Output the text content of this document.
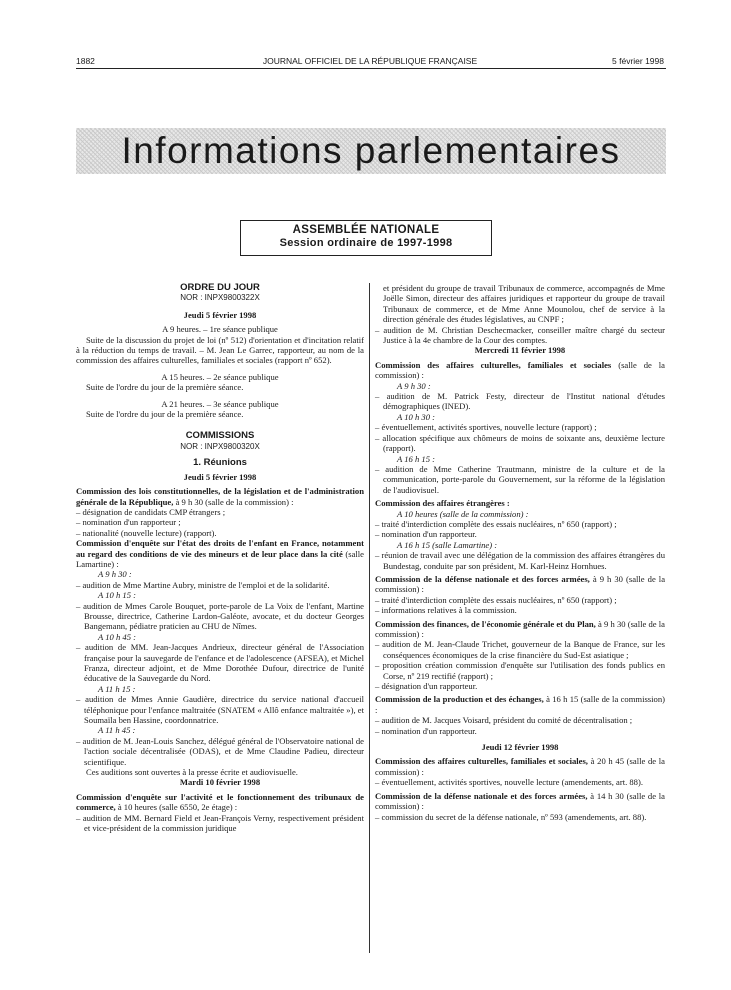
1882	JOURNAL OFFICIEL DE LA RÉPUBLIQUE FRANÇAISE	5 février 1998
Informations parlementaires
ASSEMBLÉE NATIONALE
Session ordinaire de 1997-1998

ORDRE DU JOUR

NOR : INPX9800322X

Jeudi 5 février 1998

A 9 heures. – 1re séance publique

Suite de la discussion du projet de loi (nº 512) d'orientation et d'incitation relatif à la réduction du temps de travail. – M. Jean Le Garrec, rapporteur, au nom de la commission des affaires culturelles, familiales et sociales (rapport nº 652).

A 15 heures. – 2e séance publique

Suite de l'ordre du jour de la première séance.

A 21 heures. – 3e séance publique

Suite de l'ordre du jour de la première séance.

COMMISSIONS

NOR : INPX9800320X

1. Réunions

Jeudi 5 février 1998

Commission des lois constitutionnelles, de la législation et de l'administration générale de la République, à 9 h 30 (salle de la commission) :

– désignation de candidats CMP étrangers ;

– nomination d'un rapporteur ;

– nationalité (nouvelle lecture) (rapport).

Commission d'enquête sur l'état des droits de l'enfant en France, notamment au regard des conditions de vie des mineurs et de leur place dans la cité (salle Lamartine) :

A 9 h 30 :

– audition de Mme Martine Aubry, ministre de l'emploi et de la solidarité.

A 10 h 15 :

– audition de Mmes Carole Bouquet, porte-parole de La Voix de l'enfant, Martine Brousse, directrice, Catherine Lardon-Galéote, avocate, et du docteur Georges Bangemann, pédiatre praticien au CHU de Nîmes.

A 10 h 45 :

– audition de MM. Jean-Jacques Andrieux, directeur général de l'Association française pour la sauvegarde de l'enfance et de l'adolescence (AFSEA), et Michel Franza, directeur adjoint, et de Mme Dorothée Dufour, directrice de l'unité éducative de la Sauvegarde du Nord.

A 11 h 15 :

– audition de Mmes Annie Gaudière, directrice du service national d'accueil téléphonique pour l'enfance maltraitée (SNATEM « Allô enfance maltraitée »), et Soumaïla ben Hassine, coordonnatrice.

A 11 h 45 :

– audition de M. Jean-Louis Sanchez, délégué général de l'Observatoire national de l'action sociale décentralisée (ODAS), et de Mme Claudine Padieu, directeur scientifique.

Ces auditions sont ouvertes à la presse écrite et audiovisuelle.

Mardi 10 février 1998

Commission d'enquête sur l'activité et le fonctionnement des tribunaux de commerce, à 10 heures (salle 6550, 2e étage) :

– audition de MM. Bernard Field et Jean-François Verny, respectivement président et vice-président de la commission juridique

et président du groupe de travail Tribunaux de commerce, accompagnés de Mme Joëlle Simon, directeur des affaires juridiques et rapporteur du groupe de travail Tribunaux de commerce, et de Mme Anne Mounolou, chef de service à la direction générale des études législatives, au CNPF ;

– audition de M. Christian Deschecmacker, conseiller maître chargé du secteur Justice à la 4e chambre de la Cour des comptes.

Mercredi 11 février 1998

Commission des affaires culturelles, familiales et sociales (salle de la commission) :

A 9 h 30 :

– audition de M. Patrick Festy, directeur de l'Institut national d'études démographiques (INED).

A 10 h 30 :

– éventuellement, activités sportives, nouvelle lecture (rapport) ;

– allocation spécifique aux chômeurs de moins de soixante ans, deuxième lecture (rapport).

A 16 h 15 :

– audition de Mme Catherine Trautmann, ministre de la culture et de la communication, porte-parole du Gouvernement, sur la réforme de la législation de l'audiovisuel.

Commission des affaires étrangères :

A 10 heures (salle de la commission) :

– traité d'interdiction complète des essais nucléaires, nº 650 (rapport) ;

– nomination d'un rapporteur.

A 16 h 15 (salle Lamartine) :

– réunion de travail avec une délégation de la commission des affaires étrangères du Bundestag, conduite par son président, M. Karl-Heinz Hornhues.

Commission de la défense nationale et des forces armées, à 9 h 30 (salle de la commission) :

– traité d'interdiction complète des essais nucléaires, nº 650 (rapport) ;

– informations relatives à la commission.

Commission des finances, de l'économie générale et du Plan, à 9 h 30 (salle de la commission) :

– audition de M. Jean-Claude Trichet, gouverneur de la Banque de France, sur les conséquences économiques de la crise financière du Sud-Est asiatique ;

– proposition création commission d'enquête sur l'utilisation des fonds publics en Corse, nº 219 rectifié (rapport) ;

– désignation d'un rapporteur.

Commission de la production et des échanges, à 16 h 15 (salle de la commission) :

– audition de M. Jacques Voisard, président du comité de décentralisation ;

– nomination d'un rapporteur.

Jeudi 12 février 1998

Commission des affaires culturelles, familiales et sociales, à 20 h 45 (salle de la commission) :

– éventuellement, activités sportives, nouvelle lecture (amendements, art. 88).

Commission de la défense nationale et des forces armées, à 14 h 30 (salle de la commission) :

– commission du secret de la défense nationale, nº 593 (amendements, art. 88).
